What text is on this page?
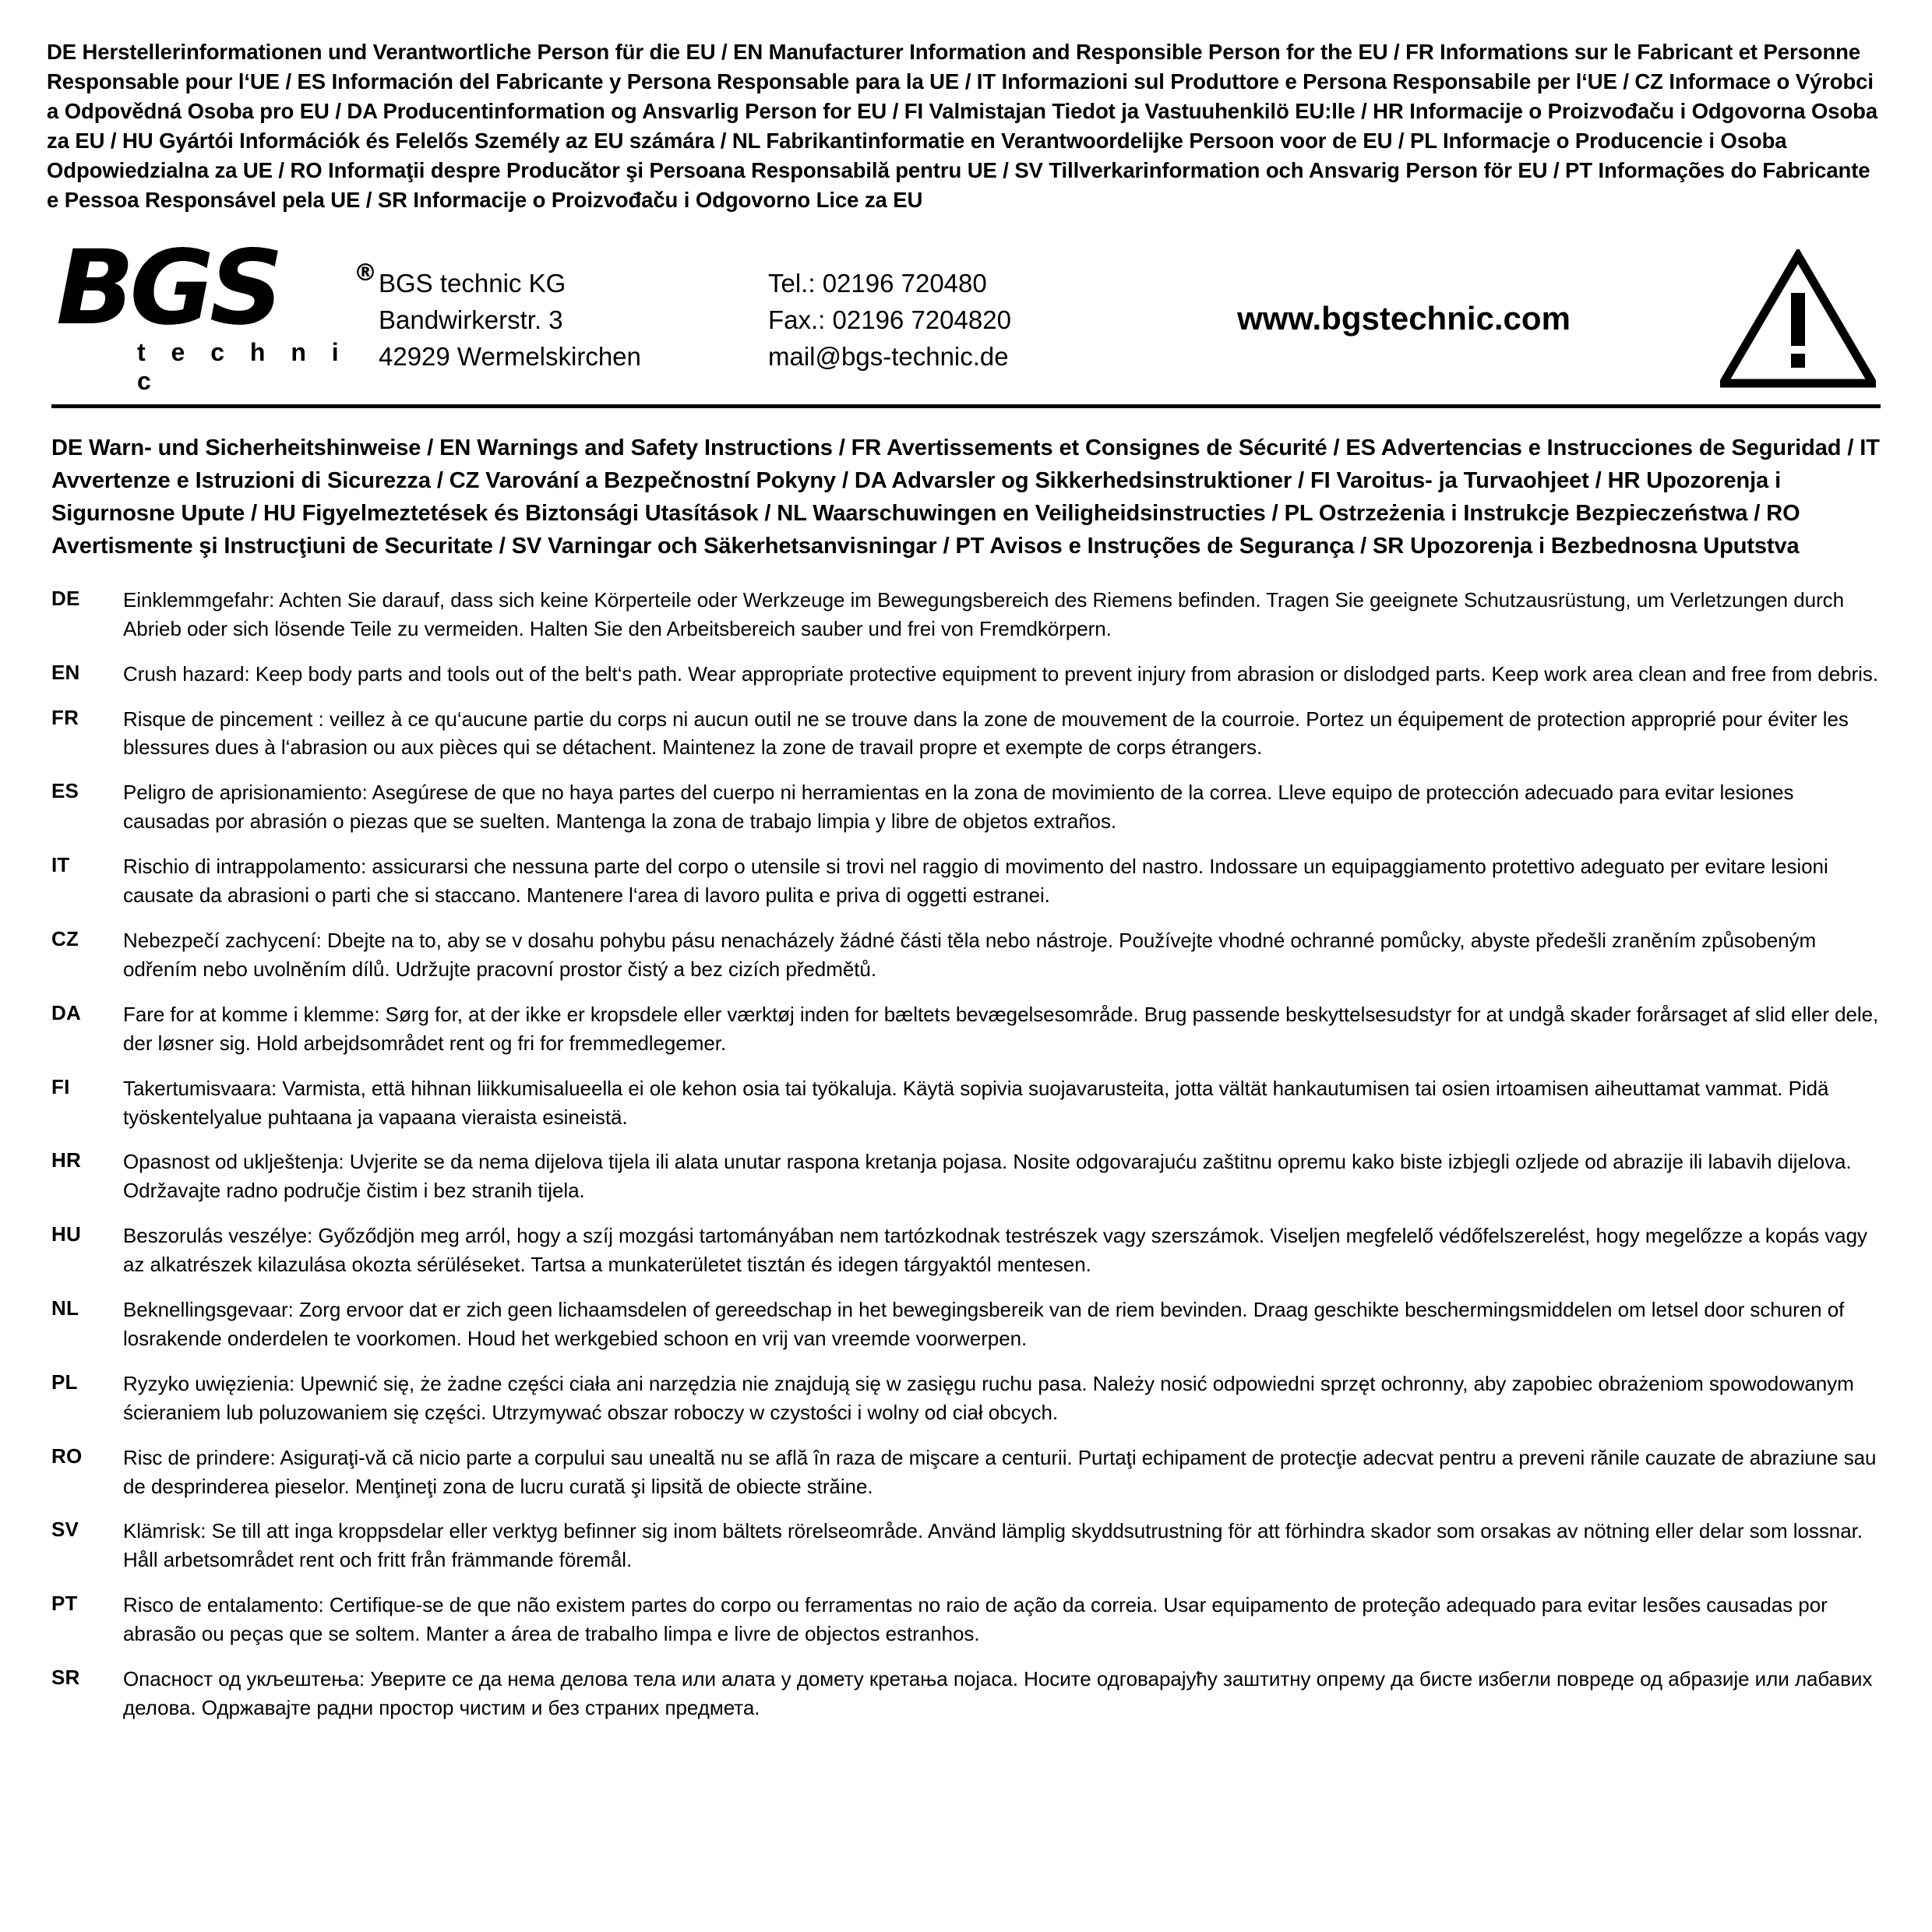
DE Herstellerinformationen und Verantwortliche Person für die EU / EN Manufacturer Information and Responsible Person for the EU / FR Informations sur le Fabricant et Personne Responsable pour l‘UE / ES Información del Fabricante y Persona Responsable para la UE / IT Informazioni sul Produttore e Persona Responsabile per l‘UE / CZ Informace o Výrobci a Odpovědná Osoba pro EU / DA Producentinformation og Ansvarlig Person for EU / FI Valmistajan Tiedot ja Vastuuhenkilö EU:lle / HR Informacije o Proizvođaču i Odgovorna Osoba za EU / HU Gyártói Információk és Felelős Személy az EU számára / NL Fabrikantinformatie en Verantwoordelijke Persoon voor de EU / PL Informacje o Producencie i Osoba Odpowiedzialna za UE / RO Informaţii despre Producător şi Persoana Responsabilă pentru UE / SV Tillverkarinformation och Ansvarig Person för EU / PT Informações do Fabricante e Pessoa Responsável pela UE / SR Informacije o Proizvođaču i Odgovorno Lice za EU
BGS	®
t e c h n i c
BGS technic KG
Bandwirkerstr. 3
42929 Wermelskirchen
Tel.: 02196 720480
Fax.: 02196 7204820
mail@bgs-technic.de
www.bgstechnic.com
DE Warn- und Sicherheitshinweise / EN Warnings and Safety Instructions / FR Avertissements et Consignes de Sécurité / ES Advertencias e Instrucciones de Seguridad / IT Avvertenze e Istruzioni di Sicurezza / CZ Varování a Bezpečnostní Pokyny / DA Advarsler og Sikkerhedsinstruktioner / FI Varoitus- ja Turvaohjeet / HR Upozorenja i Sigurnosne Upute / HU Figyelmeztetések és Biztonsági Utasítások / NL Waarschuwingen en Veiligheidsinstructies / PL Ostrzeżenia i Instrukcje Bezpieczeństwa / RO Avertismente şi Instrucţiuni de Securitate / SV Varningar och Säkerhetsanvisningar / PT Avisos e Instruções de Segurança / SR Upozorenja i Bezbednosna Uputstva
DE	Einklemmgefahr: Achten Sie darauf, dass sich keine Körperteile oder Werkzeuge im Bewegungsbereich des Riemens befinden. Tragen Sie geeignete Schutzausrüstung, um Verletzungen durch Abrieb oder sich lösende Teile zu vermeiden. Halten Sie den Arbeitsbereich sauber und frei von Fremdkörpern.
EN	Crush hazard: Keep body parts and tools out of the belt‘s path. Wear appropriate protective equipment to prevent injury from abrasion or dislodged parts. Keep work area clean and free from debris.
FR	Risque de pincement : veillez à ce qu‘aucune partie du corps ni aucun outil ne se trouve dans la zone de mouvement de la courroie. Portez un équipement de protection approprié pour éviter les blessures dues à l‘abrasion ou aux pièces qui se détachent. Maintenez la zone de travail propre et exempte de corps étrangers.
ES	Peligro de aprisionamiento: Asegúrese de que no haya partes del cuerpo ni herramientas en la zona de movimiento de la correa. Lleve equipo de protección adecuado para evitar lesiones causadas por abrasión o piezas que se suelten. Mantenga la zona de trabajo limpia y libre de objetos extraños.
IT	Rischio di intrappolamento: assicurarsi che nessuna parte del corpo o utensile si trovi nel raggio di movimento del nastro. Indossare un equipaggiamento protettivo adeguato per evitare lesioni causate da abrasioni o parti che si staccano. Mantenere l‘area di lavoro pulita e priva di oggetti estranei.
CZ	Nebezpečí zachycení: Dbejte na to, aby se v dosahu pohybu pásu nenacházely žádné části těla nebo nástroje. Používejte vhodné ochranné pomůcky, abyste předešli zraněním způsobeným odřením nebo uvolněním dílů. Udržujte pracovní prostor čistý a bez cizích předmětů.
DA	Fare for at komme i klemme: Sørg for, at der ikke er kropsdele eller værktøj inden for bæltets bevægelsesområde. Brug passende beskyttelsesudstyr for at undgå skader forårsaget af slid eller dele, der løsner sig. Hold arbejdsområdet rent og fri for fremmedlegemer.
FI	Takertumisvaara: Varmista, että hihnan liikkumisalueella ei ole kehon osia tai työkaluja. Käytä sopivia suojavarusteita, jotta vältät hankautumisen tai osien irtoamisen aiheuttamat vammat. Pidä työskentelyalue puhtaana ja vapaana vieraista esineistä.
HR	Opasnost od uklještenja: Uvjerite se da nema dijelova tijela ili alata unutar raspona kretanja pojasa. Nosite odgovarajuću zaštitnu opremu kako biste izbjegli ozljede od abrazije ili labavih dijelova. Održavajte radno područje čistim i bez stranih tijela.
HU	Beszorulás veszélye: Győződjön meg arról, hogy a szíj mozgási tartományában nem tartózkodnak testrészek vagy szerszámok. Viseljen megfelelő védőfelszerelést, hogy megelőzze a kopás vagy az alkatrészek kilazulása okozta sérüléseket. Tartsa a munkaterületet tisztán és idegen tárgyaktól mentesen.
NL	Beknellingsgevaar: Zorg ervoor dat er zich geen lichaamsdelen of gereedschap in het bewegingsbereik van de riem bevinden. Draag geschikte beschermingsmiddelen om letsel door schuren of losrakende onderdelen te voorkomen. Houd het werkgebied schoon en vrij van vreemde voorwerpen.
PL	Ryzyko uwięzienia: Upewnić się, że żadne części ciała ani narzędzia nie znajdują się w zasięgu ruchu pasa. Należy nosić odpowiedni sprzęt ochronny, aby zapobiec obrażeniom spowodowanym ścieraniem lub poluzowaniem się części. Utrzymywać obszar roboczy w czystości i wolny od ciał obcych.
RO	Risc de prindere: Asiguraţi-vă că nicio parte a corpului sau unealtă nu se află în raza de mişcare a centurii. Purtaţi echipament de protecţie adecvat pentru a preveni rănile cauzate de abraziune sau de desprinderea pieselor. Menţineţi zona de lucru curată şi lipsită de obiecte străine.
SV	Klämrisk: Se till att inga kroppsdelar eller verktyg befinner sig inom bältets rörelseområde. Använd lämplig skyddsutrustning för att förhindra skador som orsakas av nötning eller delar som lossnar. Håll arbetsområdet rent och fritt från främmande föremål.
PT	Risco de entalamento: Certifique-se de que não existem partes do corpo ou ferramentas no raio de ação da correia. Usar equipamento de proteção adequado para evitar lesões causadas por abrasão ou peças que se soltem. Manter a área de trabalho limpa e livre de objectos estranhos.
SR	Опасност од укљештења: Уверите се да нема делова тела или алата у домету кретања појаса. Носите одговарајућу заштитну опрему да бисте избегли повреде од абразије или лабавих делова. Одржавајте радни простор чистим и без страних предмета.
